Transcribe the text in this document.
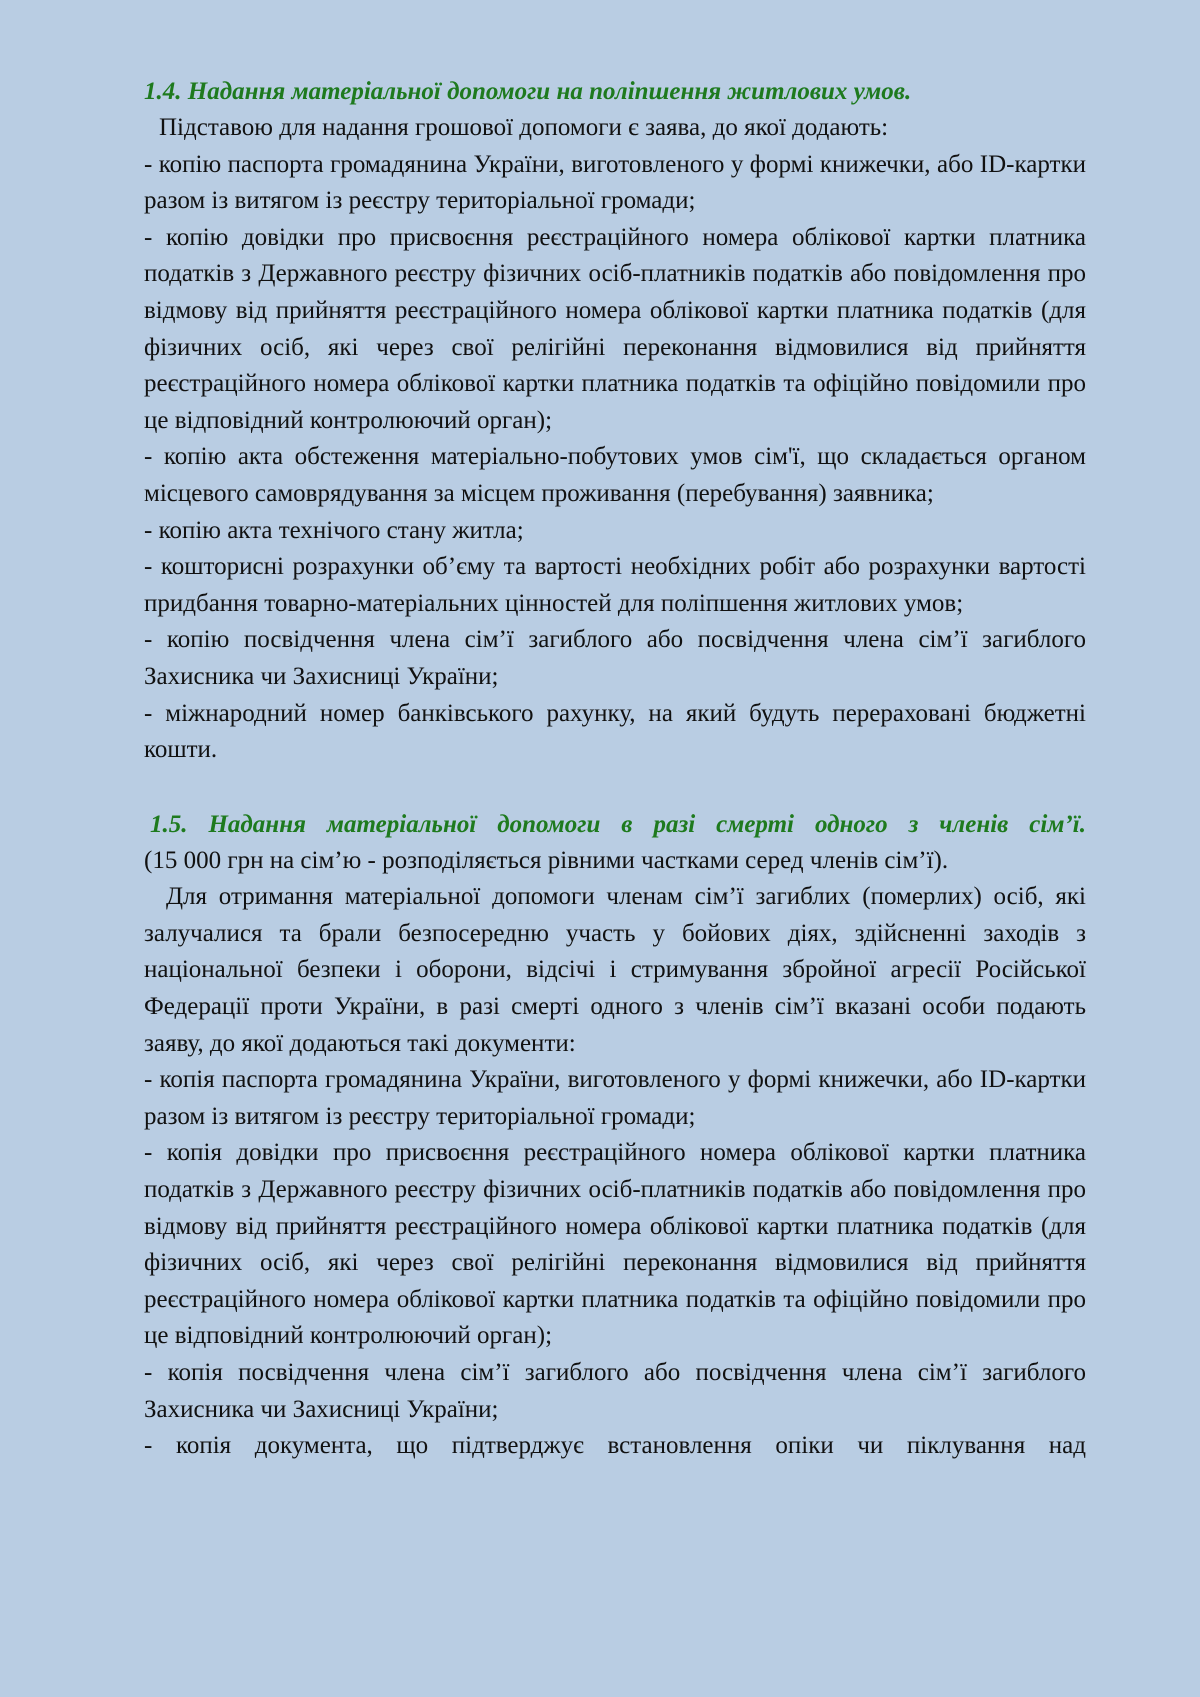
1.4. Надання матеріальної допомоги на поліпшення житлових умов.

Підставою для надання грошової допомоги є заява, до якої додають:

- копію паспорта громадянина України, виготовленого у формі книжечки, або ID-картки разом із витягом із реєстру територіальної громади;

- копію довідки про присвоєння реєстраційного номера облікової картки платника податків з Державного реєстру фізичних осіб-платників податків або повідомлення про відмову від прийняття реєстраційного номера облікової картки платника податків (для фізичних осіб, які через свої релігійні переконання відмовилися від прийняття реєстраційного номера облікової картки платника податків та офіційно повідомили про це відповідний контролюючий орган);

- копію акта обстеження матеріально-побутових умов сім'ї, що складається органом місцевого самоврядування за місцем проживання (перебування) заявника;

- копію акта технічого стану житла;

- кошторисні розрахунки об’єму та вартості необхідних робіт або розрахунки вартості придбання товарно-матеріальних цінностей для поліпшення житлових умов;

- копію посвідчення члена сім’ї загиблого або посвідчення члена сім’ї загиблого Захисника чи Захисниці України;

- міжнародний номер банківського рахунку, на який будуть перераховані бюджетні кошти.

1.5. Надання матеріальної допомоги в разі смерті одного з членів сім’ї.

(15 000 грн на сім’ю - розподіляється рівними частками серед членів сім’ї).

Для отримання матеріальної допомоги членам сім’ї загиблих (померлих) осіб, які залучалися та брали безпосередню участь у бойових діях, здійсненні заходів з національної безпеки і оборони, відсічі і стримування збройної агресії Російської Федерації проти України, в разі смерті одного з членів сім’ї вказані особи подають заяву, до якої додаються такі документи:

- копія паспорта громадянина України, виготовленого у формі книжечки, або ID-картки разом із витягом із реєстру територіальної громади;

- копія довідки про присвоєння реєстраційного номера облікової картки платника податків з Державного реєстру фізичних осіб-платників податків або повідомлення про відмову від прийняття реєстраційного номера облікової картки платника податків (для фізичних осіб, які через свої релігійні переконання відмовилися від прийняття реєстраційного номера облікової картки платника податків та офіційно повідомили про це відповідний контролюючий орган);

- копія посвідчення члена сім’ї загиблого або посвідчення члена сім’ї загиблого Захисника чи Захисниці України;

- копія документа, що підтверджує встановлення опіки чи піклування над
